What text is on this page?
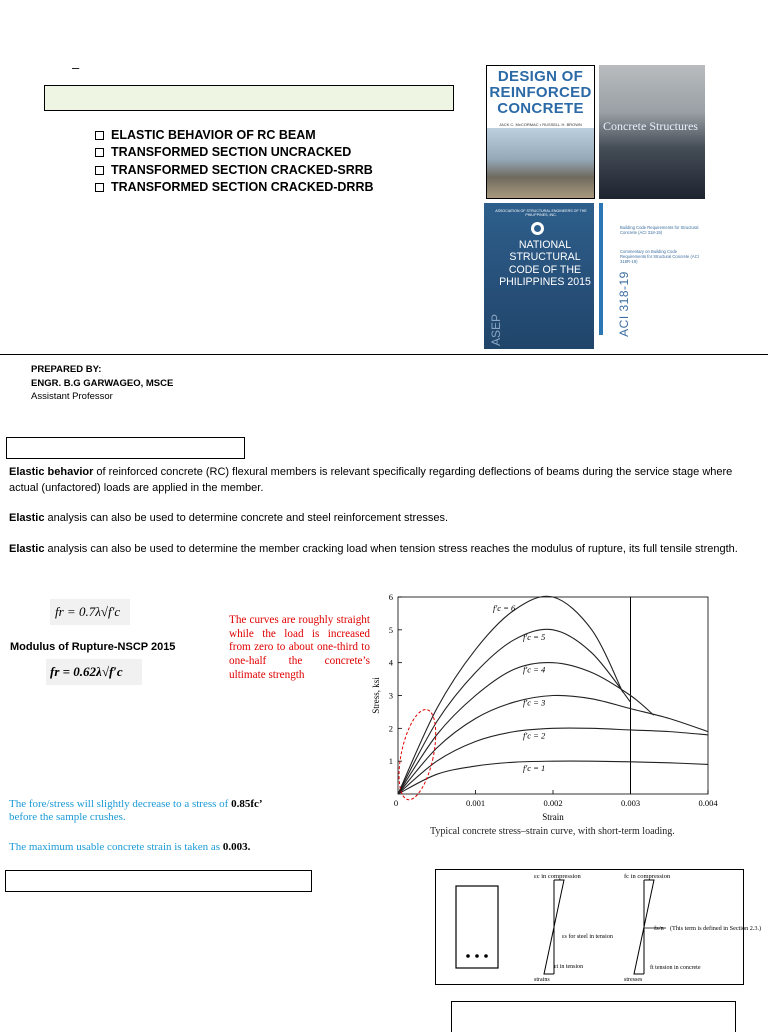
–
ELASTIC BEHAVIOR OF RC BEAM
TRANSFORMED SECTION UNCRACKED
TRANSFORMED SECTION CRACKED-SRRB
TRANSFORMED SECTION CRACKED-DRRB
DESIGN OF REINFORCED CONCRETE
JACK C. McCORMAC • RUSSELL H. BROWN	Concrete Structures
ASSOCIATION OF STRUCTURAL ENGINEERS OF THE PHILIPPINES, INC.
NATIONAL STRUCTURAL CODE OF THE PHILIPPINES 2015
ASEP
Building Code Requirements for Structural Concrete (ACI 318-19)
Commentary on Building Code Requirements for Structural Concrete (ACI 318R-19)
ACI 318-19
PREPARED BY:
ENGR. B.G GARWAGEO, MSCE
Assistant Professor
Elastic behavior of reinforced concrete (RC) flexural members is relevant specifically regarding deflections of beams during the service stage where actual (unfactored) loads are applied in the member.
Elastic analysis can also be used to determine concrete and steel reinforcement stresses.
Elastic analysis can also be used to determine the member cracking load when tension stress reaches the modulus of rupture, its full tensile strength.
fr = 0.7λ√f′c
Modulus of Rupture-NSCP 2015
fr = 0.62λ√f′c
The curves are roughly straight while the load is increased from zero to about one-third to one-half the concrete’s ultimate strength
0.001	0.002	0.003	0.004
1
2
3
4
5
6
0
Strain
Stress, ksi
f′c = 6
f′c = 5
f′c = 4
f′c = 3
f′c = 2
f′c = 1
Typical concrete stress–strain curve, with short-term loading.
The fore/stress will slightly decrease to a stress of 0.85fc’
before the sample crushes.
The maximum usable concrete strain is taken as 0.003.
εc in compression	fc in compression
εs for steel in tension
εt in tension
fs/n (This term is defined in Section 2.3.)
ft tension in concrete
strains	stresses
